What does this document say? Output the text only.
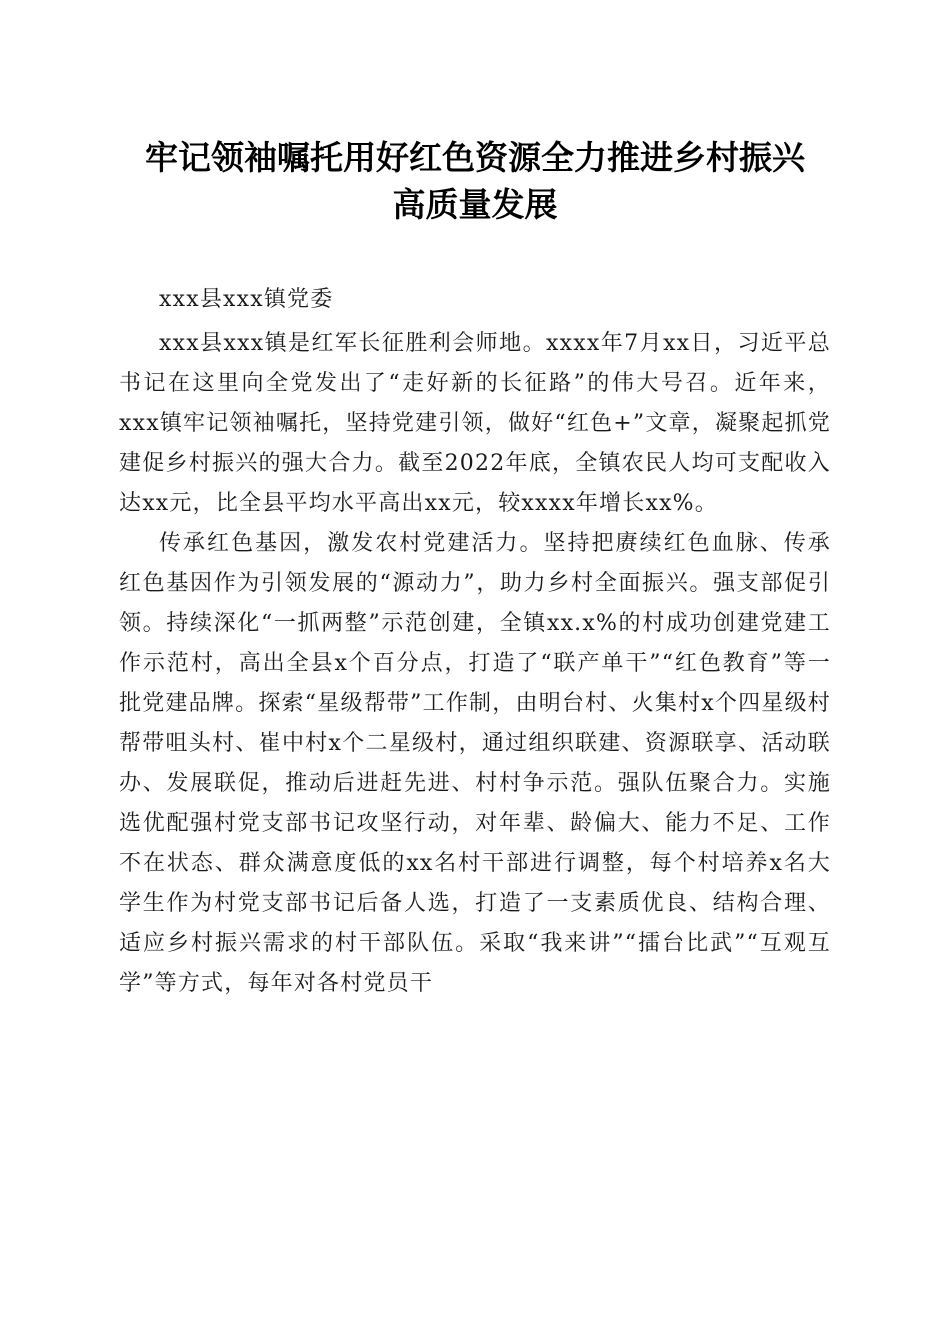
牢记领袖嘱托用好红色资源全力推进乡村振兴
高质量发展

xxx县xxx镇党委

xxx县xxx镇是红军长征胜利会师地。xxxx年7月xx日，习近平总书记在这里向全党发出了“走好新的长征路”的伟大号召。近年来，xxx镇牢记领袖嘱托，坚持党建引领，做好“红色+”文章，凝聚起抓党建促乡村振兴的强大合力。截至2022年底，全镇农民人均可支配收入达xx元，比全县平均水平高出xx元，较xxxx年增长xx%。

传承红色基因，激发农村党建活力。坚持把赓续红色血脉、传承红色基因作为引领发展的“源动力”，助力乡村全面振兴。强支部促引领。持续深化“一抓两整”示范创建，全镇xx.x%的村成功创建党建工作示范村，高出全县x个百分点，打造了“联产单干”“红色教育”等一批党建品牌。探索“星级帮带”工作制，由明台村、火集村x个四星级村帮带咀头村、崔中村x个二星级村，通过组织联建、资源联享、活动联办、发展联促，推动后进赶先进、村村争示范。强队伍聚合力。实施选优配强村党支部书记攻坚行动，对年辈、龄偏大、能力不足、工作不在状态、群众满意度低的xx名村干部进行调整，每个村培养x名大学生作为村党支部书记后备人选，打造了一支素质优良、结构合理、适应乡村振兴需求的村干部队伍。采取“我来讲”“擂台比武”“互观互学”等方式，每年对各村党员干
